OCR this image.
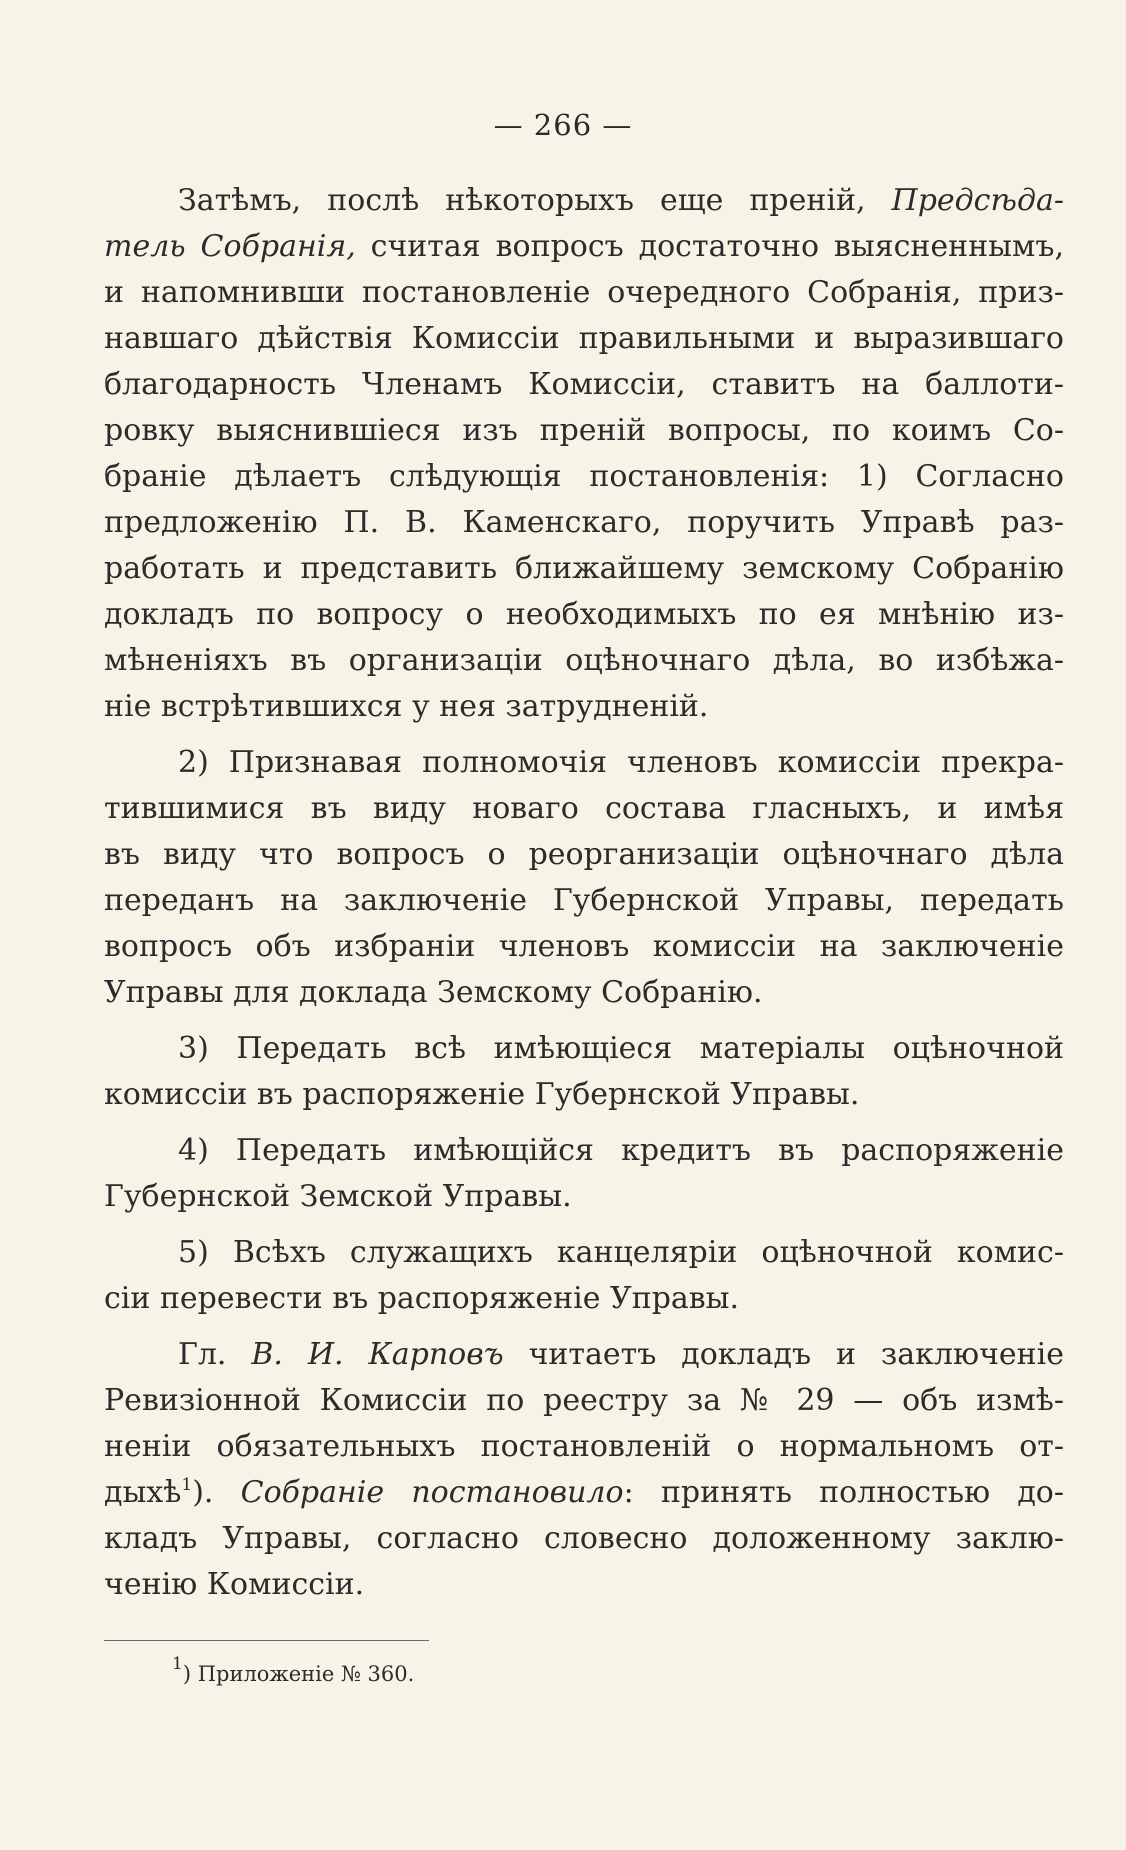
— 266 —
Затѣмъ, послѣ нѣкоторыхъ еще преній, Предсѣда-
тель Собранія, считая вопросъ достаточно выясненнымъ,
и напомнивши постановленіе очередного Собранія, приз-
навшаго дѣйствія Комиссіи правильными и выразившаго
благодарность Членамъ Комиссіи, ставитъ на баллоти-
ровку выяснившіеся изъ преній вопросы, по коимъ Со-
браніе дѣлаетъ слѣдующія постановленія: 1) Согласно
предложенію П. В. Каменскаго, поручить Управѣ раз-
работать и представить ближайшему земскому Собранію
докладъ по вопросу о необходимыхъ по ея мнѣнію из-
мѣненіяхъ въ организаціи оцѣночнаго дѣла, во избѣжа-
ніе встрѣтившихся у нея затрудненій.
2) Признавая полномочія членовъ комиссіи прекра-
тившимися въ виду новаго состава гласныхъ, и имѣя
въ виду что вопросъ о реорганизаціи оцѣночнаго дѣла
переданъ на заключеніе Губернской Управы, передать
вопросъ объ избраніи членовъ комиссіи на заключеніе
Управы для доклада Земскому Собранію.
3) Передать всѣ имѣющіеся матеріалы оцѣночной
комиссіи въ распоряженіе Губернской Управы.
4) Передать имѣющійся кредитъ въ распоряженіе
Губернской Земской Управы.
5) Всѣхъ служащихъ канцеляріи оцѣночной комис-
сіи перевести въ распоряженіе Управы.
Гл. В. И. Карповъ читаетъ докладъ и заключеніе
Ревизіонной Комиссіи по реестру за № 29 — объ измѣ-
неніи обязательныхъ постановленій о нормальномъ от-
дыхѣ$^1$). Собраніе постановило: принять полностью до-
кладъ Управы, согласно словесно доложенному заклю-
ченію Комиссіи.
$^1$) Приложеніе № 360.
